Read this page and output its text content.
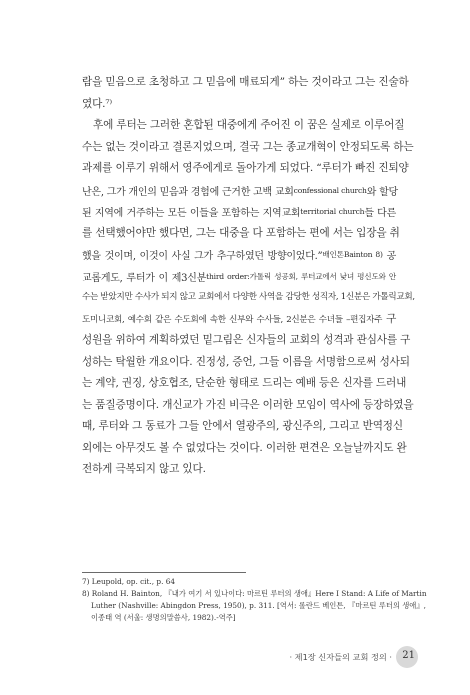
람을 믿음으로 초청하고 그 믿음에 매료되게” 하는 것이라고 그는 진술하
였다.⁷⁾
후에 루터는 그러한 혼합된 대중에게 주어진 이 꿈은 실제로 이루어질
수는 없는 것이라고 결론지었으며, 결국 그는 종교개혁이 안정되도록 하는
과제를 이루기 위해서 영주에게로 돌아가게 되었다. “루터가 빠진 진퇴양
난은, 그가 개인의 믿음과 경험에 근거한 고백 교회$^{confessional church}$와 할당
된 지역에 거주하는 모든 이들을 포함하는 지역교회$^{territorial church}$들 다른
를 선택했어야만 했다면, 그는 대중을 다 포함하는 편에 서는 입장을 취
했을 것이며, 이것이 사실 그가 추구하였던 방향이었다.”$^{배인톤Bainton 8)}$ 공
교롭게도, 루터가 이 제3신분$^{third order:가톨릭 성공회, 루터교에서 낮녀 평신도와 안}$
수는 받았지만 수사가 되지 않고 교회에서 다양한 사역을 감당한 성직자, 1신분은 가톨릭교회,
도미니코회, 예수회 같은 수도회에 속한 신부와 수사들, 2신분은 수녀들 –편집자주 구
성원을 위하여 계획하였던 밑그림은 신자들의 교회의 성격과 관심사를 구
성하는 탁월한 개요이다. 진정성, 증언, 그들 이름을 서명함으로써 성사되
는 계약, 권징, 상호협조, 단순한 형태로 드리는 예배 등은 신자를 드러내
는 품질증명이다. 개신교가 가진 비극은 이러한 모임이 역사에 등장하였을
때, 루터와 그 동료가 그들 안에서 열광주의, 광신주의, 그리고 반역정신
외에는 아무것도 볼 수 없었다는 것이다. 이러한 편견은 오늘날까지도 완
전하게 극복되지 않고 있다.
7) Leupold, op. cit., p. 64
8) Roland H. Bainton, 『내가 여기 서 있나이다: 마르틴 루터의 생애』Here I Stand: A Life of Martin
Luther (Nashville: Abingdon Press, 1950), p. 311. [역서: 롤란드 베인튼, 『마르틴 루터의 생애』,
이종태 역 (서울: 생명의말씀사, 1982).-역주]
· 제1장 신자들의 교회 정의 · 21
